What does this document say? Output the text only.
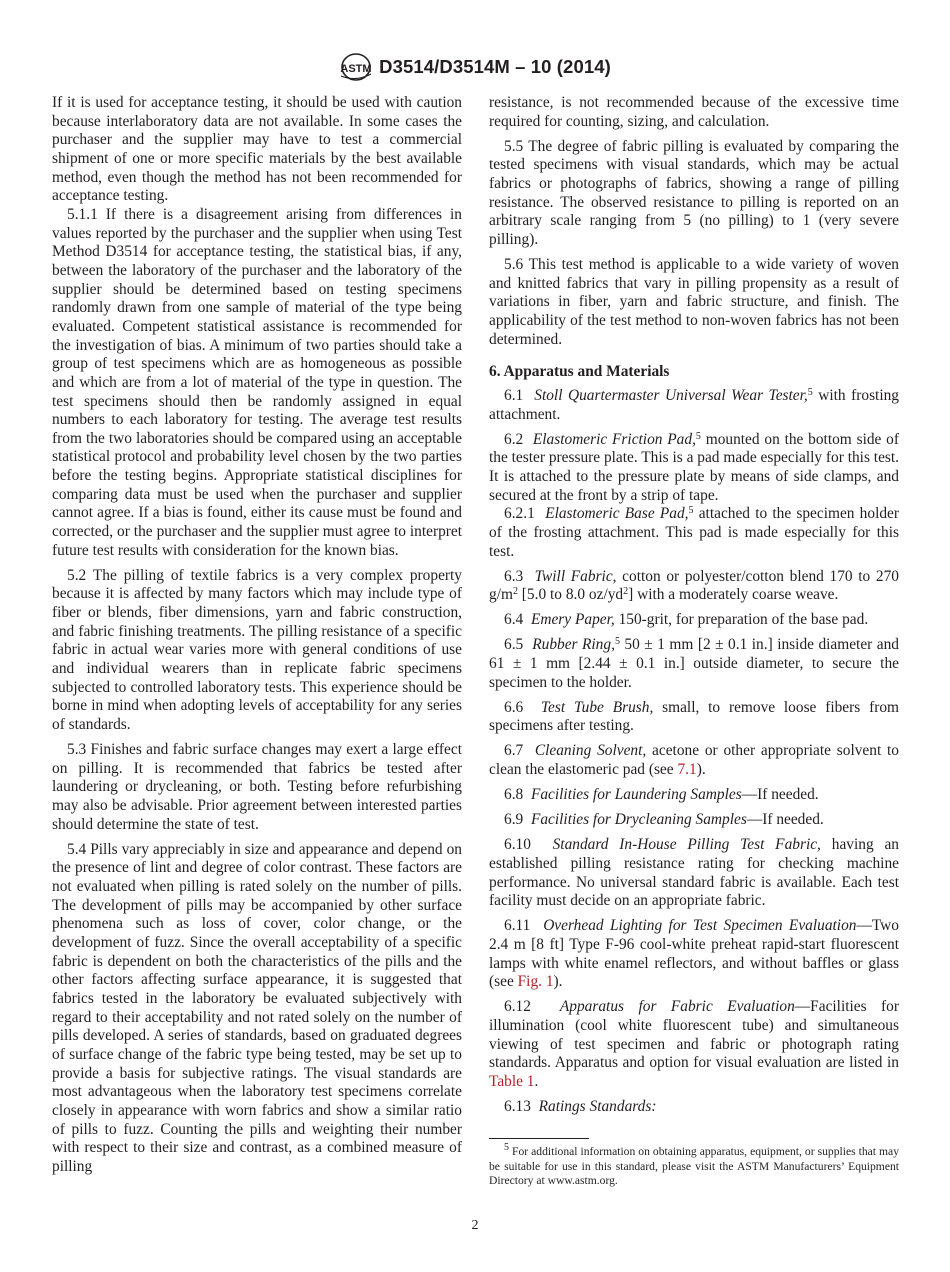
ASTM D3514/D3514M – 10 (2014)

If it is used for acceptance testing, it should be used with caution because interlaboratory data are not available. In some cases the purchaser and the supplier may have to test a commercial shipment of one or more specific materials by the best available method, even though the method has not been recommended for acceptance testing.

5.1.1 If there is a disagreement arising from differences in values reported by the purchaser and the supplier when using Test Method D3514 for acceptance testing, the statistical bias, if any, between the laboratory of the purchaser and the laboratory of the supplier should be determined based on testing specimens randomly drawn from one sample of material of the type being evaluated. Competent statistical assistance is recommended for the investigation of bias. A minimum of two parties should take a group of test specimens which are as homogeneous as possible and which are from a lot of material of the type in question. The test specimens should then be randomly assigned in equal numbers to each laboratory for testing. The average test results from the two laboratories should be compared using an acceptable statistical protocol and probability level chosen by the two parties before the testing begins. Appropriate statistical disciplines for comparing data must be used when the purchaser and supplier cannot agree. If a bias is found, either its cause must be found and corrected, or the purchaser and the supplier must agree to interpret future test results with consideration for the known bias.

5.2 The pilling of textile fabrics is a very complex property because it is affected by many factors which may include type of fiber or blends, fiber dimensions, yarn and fabric construction, and fabric finishing treatments. The pilling resistance of a specific fabric in actual wear varies more with general conditions of use and individual wearers than in replicate fabric specimens subjected to controlled laboratory tests. This experience should be borne in mind when adopting levels of acceptability for any series of standards.

5.3 Finishes and fabric surface changes may exert a large effect on pilling. It is recommended that fabrics be tested after laundering or drycleaning, or both. Testing before refurbishing may also be advisable. Prior agreement between interested parties should determine the state of test.

5.4 Pills vary appreciably in size and appearance and depend on the presence of lint and degree of color contrast. These factors are not evaluated when pilling is rated solely on the number of pills. The development of pills may be accompanied by other surface phenomena such as loss of cover, color change, or the development of fuzz. Since the overall acceptability of a specific fabric is dependent on both the characteristics of the pills and the other factors affecting surface appearance, it is suggested that fabrics tested in the laboratory be evaluated subjectively with regard to their acceptability and not rated solely on the number of pills developed. A series of standards, based on graduated degrees of surface change of the fabric type being tested, may be set up to provide a basis for subjective ratings. The visual standards are most advantageous when the laboratory test specimens correlate closely in appearance with worn fabrics and show a similar ratio of pills to fuzz. Counting the pills and weighting their number with respect to their size and contrast, as a combined measure of pilling

resistance, is not recommended because of the excessive time required for counting, sizing, and calculation.

5.5 The degree of fabric pilling is evaluated by comparing the tested specimens with visual standards, which may be actual fabrics or photographs of fabrics, showing a range of pilling resistance. The observed resistance to pilling is reported on an arbitrary scale ranging from 5 (no pilling) to 1 (very severe pilling).

5.6 This test method is applicable to a wide variety of woven and knitted fabrics that vary in pilling propensity as a result of variations in fiber, yarn and fabric structure, and finish. The applicability of the test method to non-woven fabrics has not been determined.

6. Apparatus and Materials

6.1 Stoll Quartermaster Universal Wear Tester,$^5$ with frosting attachment.

6.2 Elastomeric Friction Pad,$^5$ mounted on the bottom side of the tester pressure plate. This is a pad made especially for this test. It is attached to the pressure plate by means of side clamps, and secured at the front by a strip of tape.

6.2.1 Elastomeric Base Pad,$^5$ attached to the specimen holder of the frosting attachment. This pad is made especially for this test.

6.3 Twill Fabric, cotton or polyester/cotton blend 170 to 270 $g/m^2$ [5.0 to 8.0 $oz/yd^2$] with a moderately coarse weave.

6.4 Emery Paper, 150-grit, for preparation of the base pad.

6.5 Rubber Ring,$^5$ 50 ± 1 mm [2 ± 0.1 in.] inside diameter and 61 ± 1 mm [2.44 ± 0.1 in.] outside diameter, to secure the specimen to the holder.

6.6 Test Tube Brush, small, to remove loose fibers from specimens after testing.

6.7 Cleaning Solvent, acetone or other appropriate solvent to clean the elastomeric pad (see 7.1).

6.8 Facilities for Laundering Samples—If needed.

6.9 Facilities for Drycleaning Samples—If needed.

6.10 Standard In-House Pilling Test Fabric, having an established pilling resistance rating for checking machine performance. No universal standard fabric is available. Each test facility must decide on an appropriate fabric.

6.11 Overhead Lighting for Test Specimen Evaluation—Two 2.4 m [8 ft] Type F-96 cool-white preheat rapid-start fluorescent lamps with white enamel reflectors, and without baffles or glass (see Fig. 1).

6.12 Apparatus for Fabric Evaluation—Facilities for illumination (cool white fluorescent tube) and simultaneous viewing of test specimen and fabric or photograph rating standards. Apparatus and option for visual evaluation are listed in Table 1.

6.13 Ratings Standards:

$^5$ For additional information on obtaining apparatus, equipment, or supplies that may be suitable for use in this standard, please visit the ASTM Manufacturers’ Equipment Directory at www.astm.org.
2
